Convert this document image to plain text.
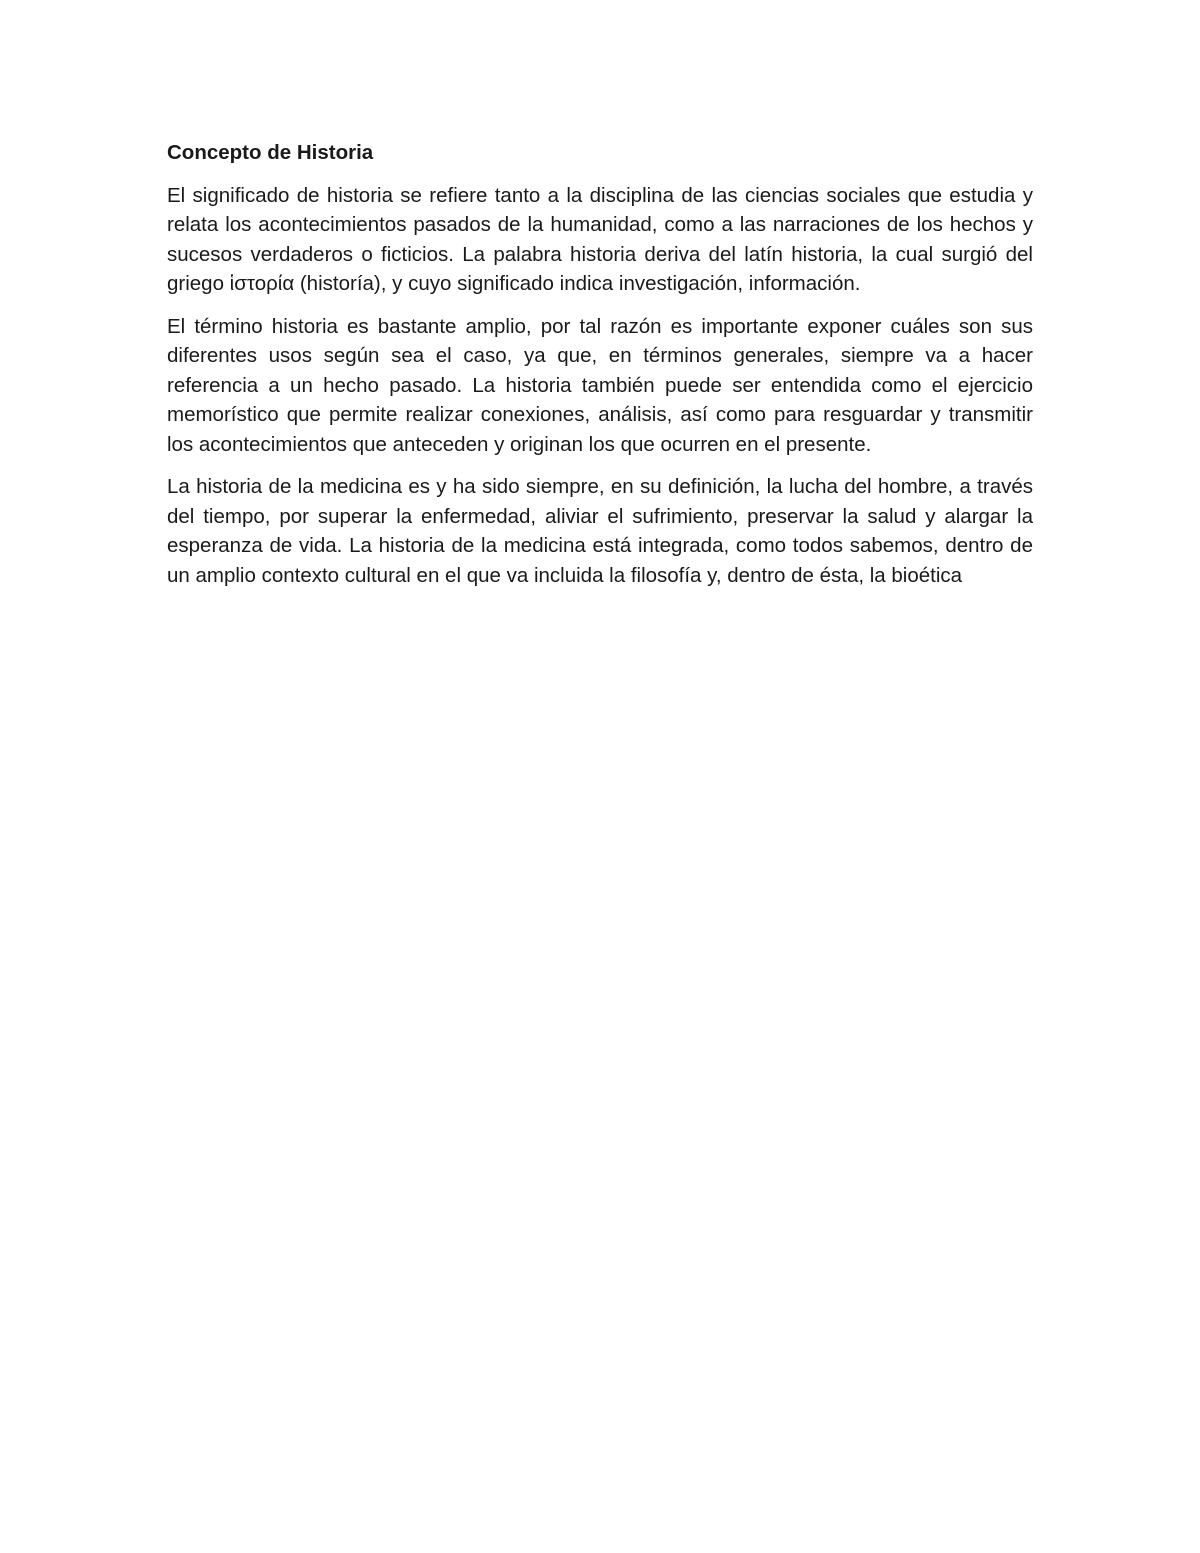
Concepto de Historia

El significado de historia se refiere tanto a la disciplina de las ciencias sociales que estudia y relata los acontecimientos pasados de la humanidad, como a las narraciones de los hechos y sucesos verdaderos o ficticios. La palabra historia deriva del latín historia, la cual surgió del griego ἱστορία (historía), y cuyo significado indica investigación, información.

El término historia es bastante amplio, por tal razón es importante exponer cuáles son sus diferentes usos según sea el caso, ya que, en términos generales, siempre va a hacer referencia a un hecho pasado. La historia también puede ser entendida como el ejercicio memorístico que permite realizar conexiones, análisis, así como para resguardar y transmitir los acontecimientos que anteceden y originan los que ocurren en el presente.

La historia de la medicina es y ha sido siempre, en su definición, la lucha del hombre, a través del tiempo, por superar la enfermedad, aliviar el sufrimiento, preservar la salud y alargar la esperanza de vida. La historia de la medicina está integrada, como todos sabemos, dentro de un amplio contexto cultural en el que va incluida la filosofía y, dentro de ésta, la bioética
